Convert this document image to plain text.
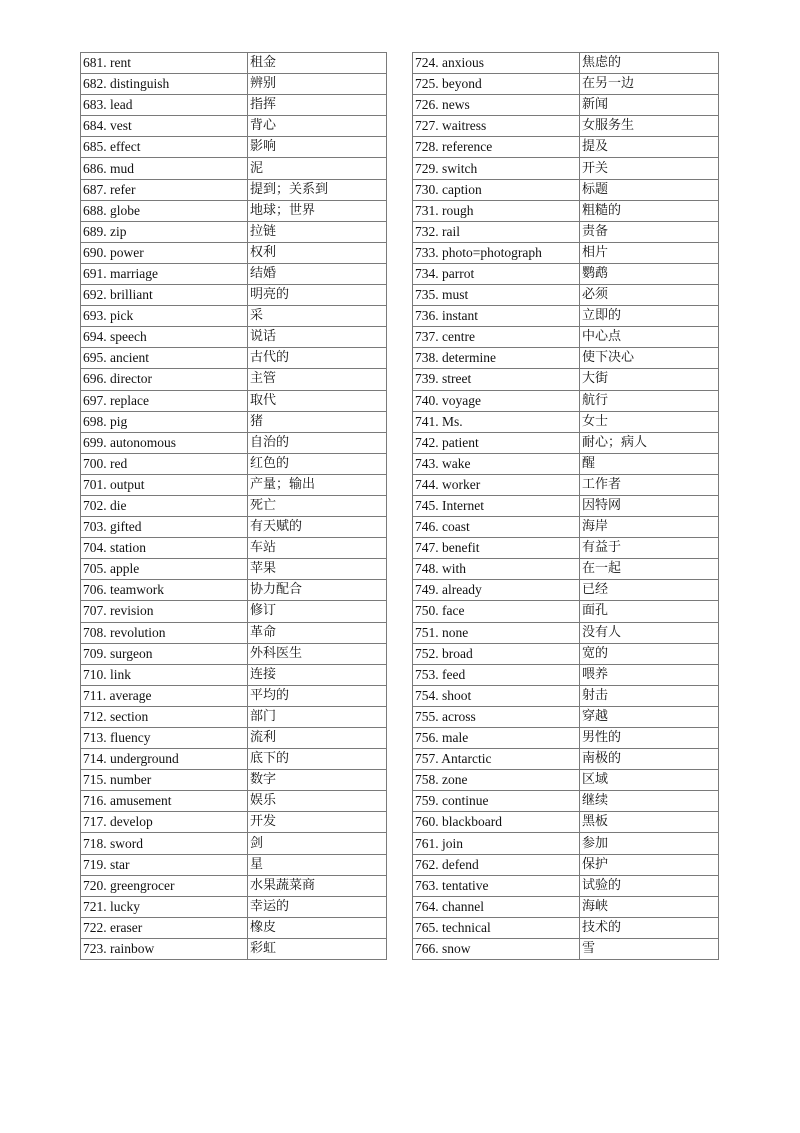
681. rent	租金
682. distinguish	辨别
683. lead	指挥
684. vest	背心
685. effect	影响
686. mud	泥
687. refer	提到；关系到
688. globe	地球；世界
689. zip	拉链
690. power	权利
691. marriage	结婚
692. brilliant	明亮的
693. pick	采
694. speech	说话
695. ancient	古代的
696. director	主管
697. replace	取代
698. pig	猪
699. autonomous	自治的
700. red	红色的
701. output	产量；输出
702. die	死亡
703. gifted	有天赋的
704. station	车站
705. apple	苹果
706. teamwork	协力配合
707. revision	修订
708. revolution	革命
709. surgeon	外科医生
710. link	连接
711. average	平均的
712. section	部门
713. fluency	流利
714. underground	底下的
715. number	数字
716. amusement	娱乐
717. develop	开发
718. sword	剑
719. star	星
720. greengrocer	水果蔬菜商
721. lucky	幸运的
722. eraser	橡皮
723. rainbow	彩虹
724. anxious	焦虑的
725. beyond	在另一边
726. news	新闻
727. waitress	女服务生
728. reference	提及
729. switch	开关
730. caption	标题
731. rough	粗糙的
732. rail	责备
733. photo=photograph	相片
734. parrot	鹦鹉
735. must	必须
736. instant	立即的
737. centre	中心点
738. determine	使下决心
739. street	大街
740. voyage	航行
741. Ms.	女士
742. patient	耐心；病人
743. wake	醒
744. worker	工作者
745. Internet	因特网
746. coast	海岸
747. benefit	有益于
748. with	在一起
749. already	已经
750. face	面孔
751. none	没有人
752. broad	宽的
753. feed	喂养
754. shoot	射击
755. across	穿越
756. male	男性的
757. Antarctic	南极的
758. zone	区域
759. continue	继续
760. blackboard	黑板
761. join	参加
762. defend	保护
763. tentative	试验的
764. channel	海峡
765. technical	技术的
766. snow	雪
